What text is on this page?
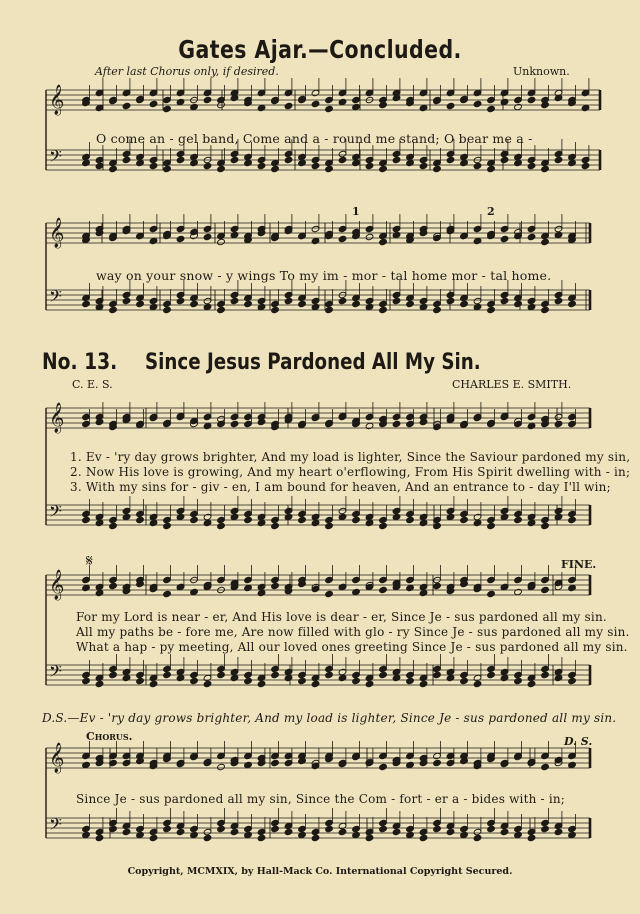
𝄞
𝄢
𝄞
𝄢
𝄞
𝄢
𝄞
𝄢
𝄞
𝄢
Gates Ajar.—Concluded.
After last Chorus only, if desired.	Unknown.
O come an - gel band, Come and a - round me stand; O bear me a -
1	2
way on your snow - y wings To my im - mor - tal home mor - tal home.
No. 13. Since Jesus Pardoned All My Sin.
C. E. S.	CHARLES E. SMITH.
1. Ev - 'ry day grows brighter, And my load is lighter, Since the Saviour pardoned my sin,
2. Now His love is growing, And my heart o'erflowing, From His Spirit dwelling with - in;
3. With my sins for - giv - en, I am bound for heaven, And an entrance to - day I'll win;
𝄋	FINE.
For my Lord is near - er, And His love is dear - er, Since Je - sus pardoned all my sin.
All my paths be - fore me, Are now filled with glo - ry Since Je - sus pardoned all my sin.
What a hap - py meeting, All our loved ones greeting Since Je - sus pardoned all my sin.
D.S.—Ev - 'ry day grows brighter, And my load is lighter, Since Je - sus pardoned all my sin.
Chorus.	D. S.
Since Je - sus pardoned all my sin, Since the Com - fort - er a - bides with - in;
Copyright, MCMXIX, by Hall-Mack Co. International Copyright Secured.
